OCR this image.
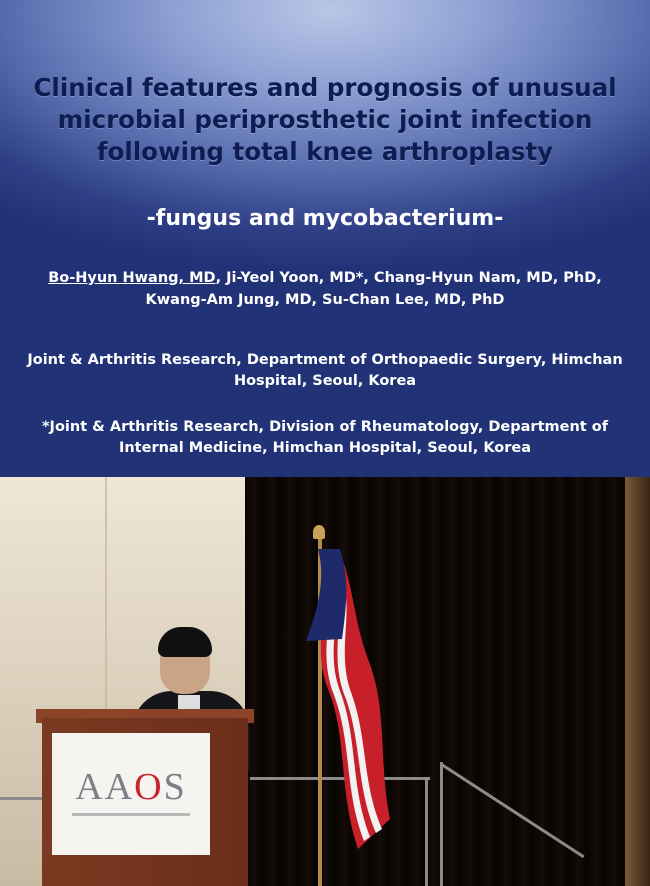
Clinical features and prognosis of unusual microbial periprosthetic joint infection following total knee arthroplasty
-fungus and mycobacterium-
Bo-Hyun Hwang, MD, Ji-Yeol Yoon, MD*, Chang-Hyun Nam, MD, PhD,
Kwang-Am Jung, MD, Su-Chan Lee, MD, PhD
Joint & Arthritis Research, Department of Orthopaedic Surgery, Himchan Hospital, Seoul, Korea
*Joint & Arthritis Research, Division of Rheumatology, Department of Internal Medicine, Himchan Hospital, Seoul, Korea
AAOS
